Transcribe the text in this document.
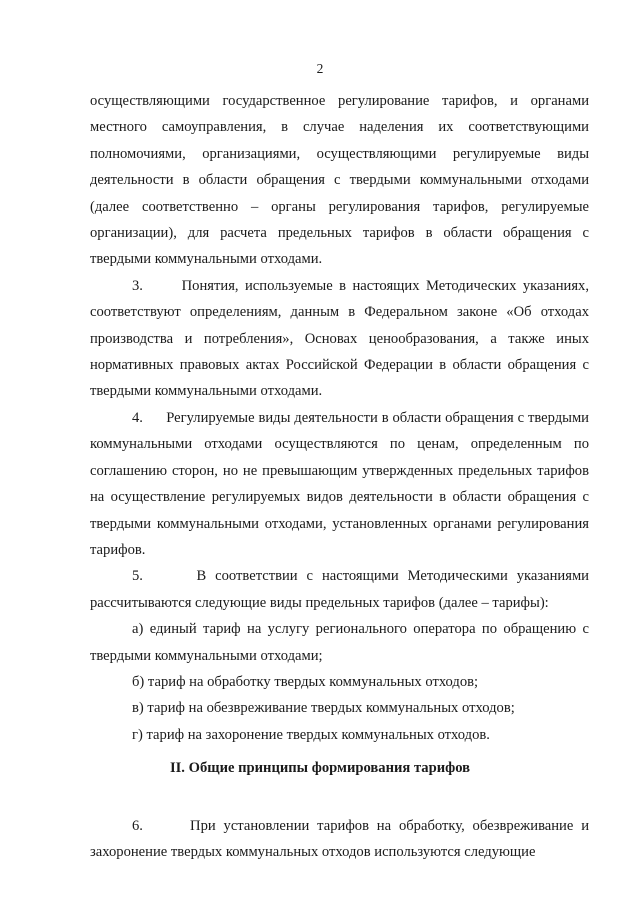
2

осуществляющими государственное регулирование тарифов, и органами местного самоуправления, в случае наделения их соответствующими полномочиями, организациями, осуществляющими регулируемые виды деятельности в области обращения с твердыми коммунальными отходами (далее соответственно – органы регулирования тарифов, регулируемые организации), для расчета предельных тарифов в области обращения с твердыми коммунальными отходами.

3.      Понятия, используемые в настоящих Методических указаниях, соответствуют определениям, данным в Федеральном законе «Об отходах производства и потребления», Основах ценообразования, а также иных нормативных правовых актах Российской Федерации в области обращения с твердыми коммунальными отходами.

4.      Регулируемые виды деятельности в области обращения с твердыми коммунальными отходами осуществляются по ценам, определенным по соглашению сторон, но не превышающим утвержденных предельных тарифов на осуществление регулируемых видов деятельности в области обращения с твердыми коммунальными отходами, установленных органами регулирования тарифов.

5.      В соответствии с настоящими Методическими указаниями рассчитываются следующие виды предельных тарифов (далее – тарифы):

а) единый тариф на услугу регионального оператора по обращению с твердыми коммунальными отходами;

б) тариф на обработку твердых коммунальных отходов;

в) тариф на обезвреживание твердых коммунальных отходов;

г) тариф на захоронение твердых коммунальных отходов.

II. Общие принципы формирования тарифов

6.      При установлении тарифов на обработку, обезвреживание и захоронение твердых коммунальных отходов используются следующие
